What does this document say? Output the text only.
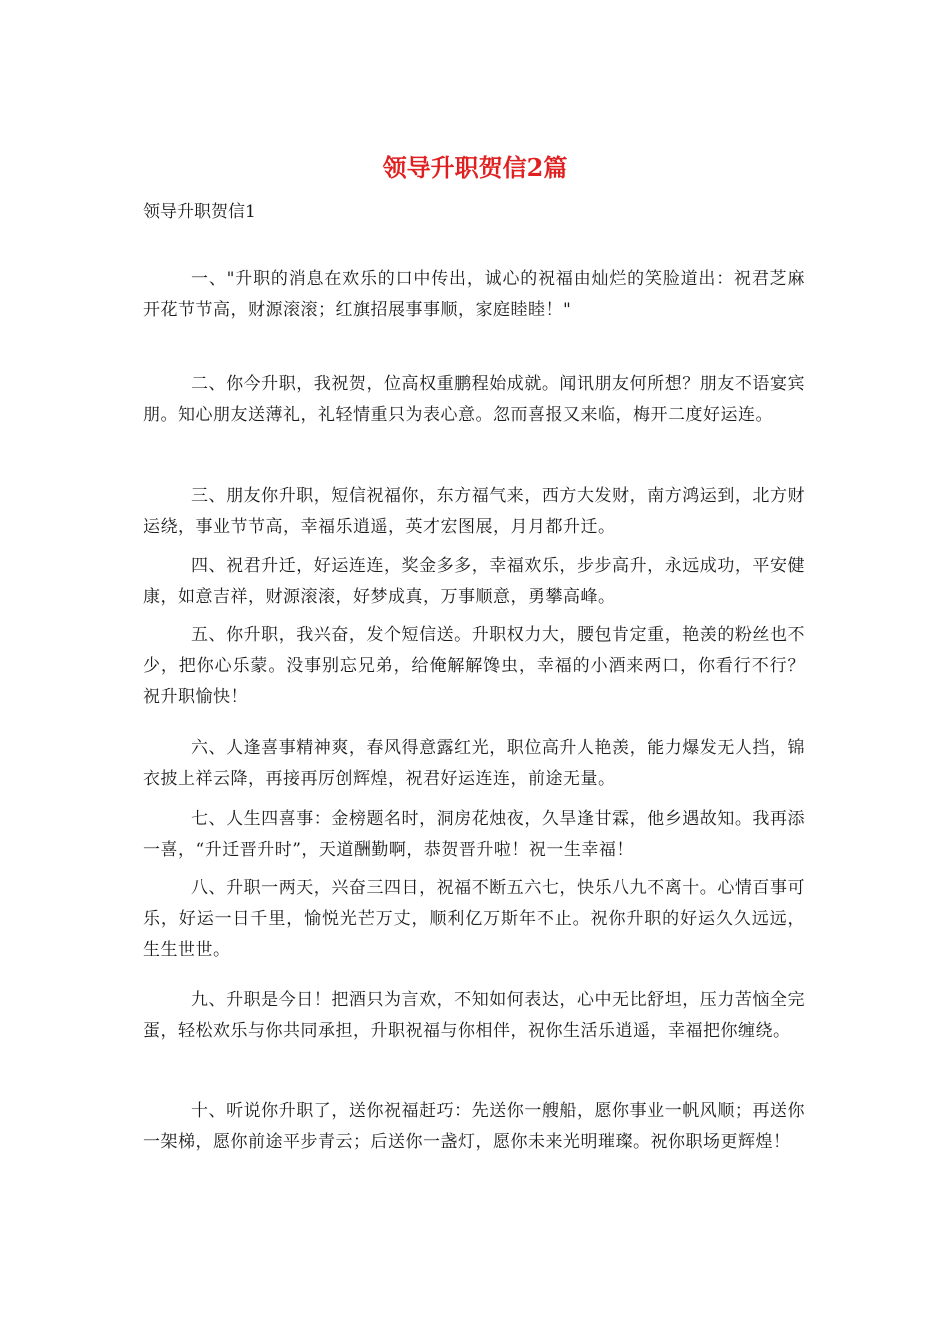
领导升职贺信2篇

领导升职贺信1

一、"升职的消息在欢乐的口中传出，诚心的祝福由灿烂的笑脸道出：祝君芝麻开花节节高，财源滚滚；红旗招展事事顺，家庭睦睦！"

二、你今升职，我祝贺，位高权重鹏程始成就。闻讯朋友何所想？朋友不语宴宾朋。知心朋友送薄礼，礼轻情重只为表心意。忽而喜报又来临，梅开二度好运连。

三、朋友你升职，短信祝福你，东方福气来，西方大发财，南方鸿运到，北方财运绕，事业节节高，幸福乐逍遥，英才宏图展，月月都升迁。

四、祝君升迁，好运连连，奖金多多，幸福欢乐，步步高升，永远成功，平安健康，如意吉祥，财源滚滚，好梦成真，万事顺意，勇攀高峰。

五、你升职，我兴奋，发个短信送。升职权力大，腰包肯定重，艳羡的粉丝也不少，把你心乐蒙。没事别忘兄弟，给俺解解馋虫，幸福的小酒来两口，你看行不行？祝升职愉快！

六、人逢喜事精神爽，春风得意露红光，职位高升人艳羡，能力爆发无人挡，锦衣披上祥云降，再接再厉创辉煌，祝君好运连连，前途无量。

七、人生四喜事：金榜题名时，洞房花烛夜，久旱逢甘霖，他乡遇故知。我再添一喜，“升迁晋升时”，天道酬勤啊，恭贺晋升啦！祝一生幸福！

八、升职一两天，兴奋三四日，祝福不断五六七，快乐八九不离十。心情百事可乐，好运一日千里，愉悦光芒万丈，顺利亿万斯年不止。祝你升职的好运久久远远，生生世世。

九、升职是今日！把酒只为言欢，不知如何表达，心中无比舒坦，压力苦恼全完蛋，轻松欢乐与你共同承担，升职祝福与你相伴，祝你生活乐逍遥，幸福把你缠绕。

十、听说你升职了，送你祝福赶巧：先送你一艘船，愿你事业一帆风顺；再送你一架梯，愿你前途平步青云；后送你一盏灯，愿你未来光明璀璨。祝你职场更辉煌！
